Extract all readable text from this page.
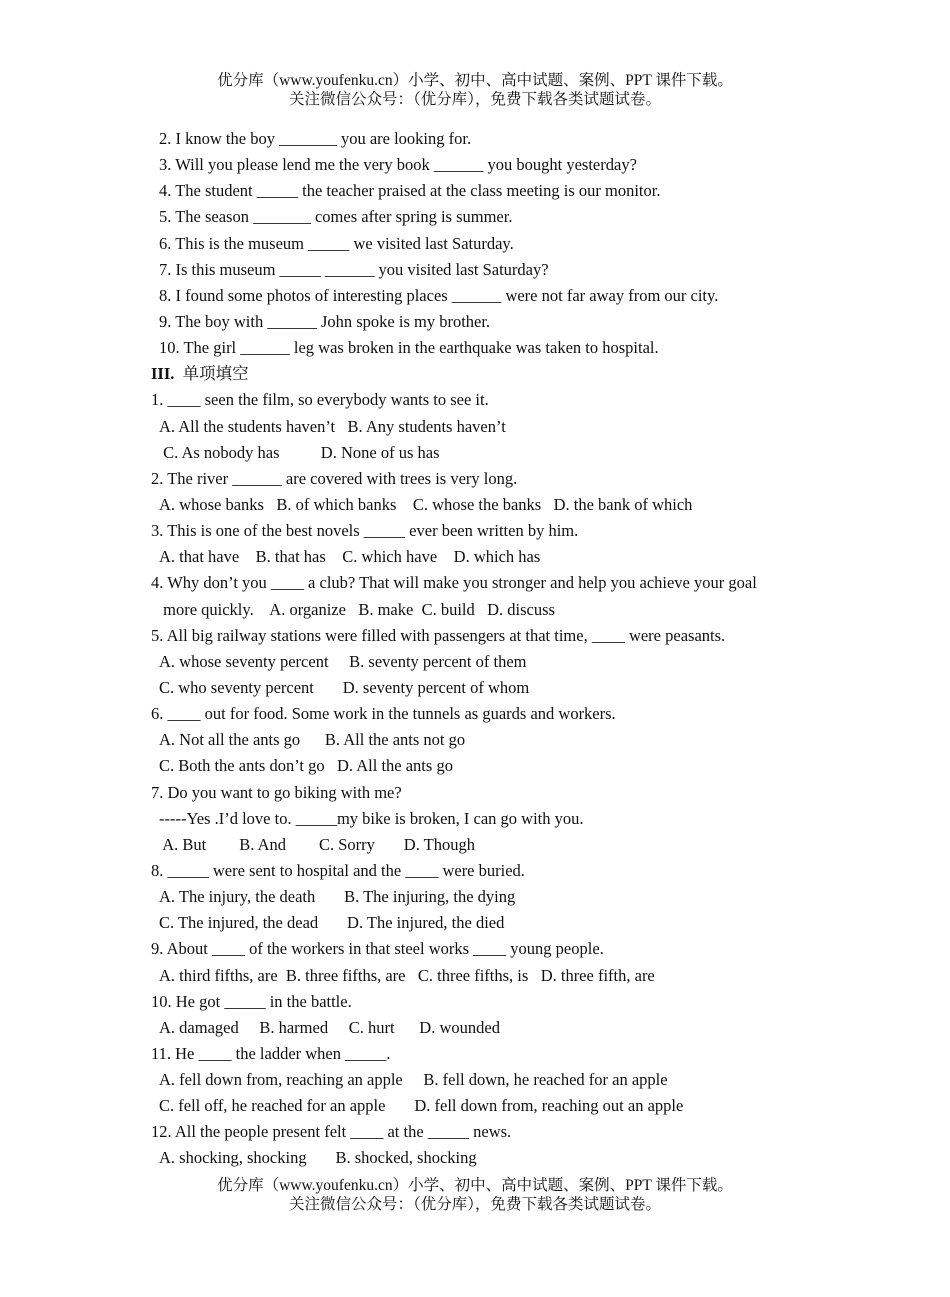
优分库（www.youfenku.cn）小学、初中、高中试题、案例、PPT 课件下载。
关注微信公众号：（优分库），免费下载各类试题试卷。
2. I know the boy _______ you are looking for.
3. Will you please lend me the very book ______ you bought yesterday?
4. The student _____ the teacher praised at the class meeting is our monitor.
5. The season _______ comes after spring is summer.
6. This is the museum _____ we visited last Saturday.
7. Is this museum _____ ______ you visited last Saturday?
8. I found some photos of interesting places ______ were not far away from our city.
9. The boy with ______ John spoke is my brother.
10. The girl ______ leg was broken in the earthquake was taken to hospital.
III. 单项填空
1. ____ seen the film, so everybody wants to see it.
A. All the students haven’t   B. Any students haven’t
C. As nobody has          D. None of us has
2. The river ______ are covered with trees is very long.
A. whose banks   B. of which banks    C. whose the banks   D. the bank of which
3. This is one of the best novels _____ ever been written by him.
A. that have    B. that has    C. which have    D. which has
4. Why don’t you ____ a club? That will make you stronger and help you achieve your goal
more quickly.    A. organize   B. make  C. build   D. discuss
5. All big railway stations were filled with passengers at that time, ____ were peasants.
A. whose seventy percent     B. seventy percent of them
C. who seventy percent       D. seventy percent of whom
6. ____ out for food. Some work in the tunnels as guards and workers.
A. Not all the ants go      B. All the ants not go
C. Both the ants don’t go   D. All the ants go
7. Do you want to go biking with me?
-----Yes .I’d love to. _____my bike is broken, I can go with you.
A. But        B. And        C. Sorry       D. Though
8. _____ were sent to hospital and the ____ were buried.
A. The injury, the death       B. The injuring, the dying
C. The injured, the dead       D. The injured, the died
9. About ____ of the workers in that steel works ____ young people.
A. third fifths, are  B. three fifths, are   C. three fifths, is   D. three fifth, are
10. He got _____ in the battle.
A. damaged     B. harmed     C. hurt      D. wounded
11. He ____ the ladder when _____.
A. fell down from, reaching an apple     B. fell down, he reached for an apple
C. fell off, he reached for an apple       D. fell down from, reaching out an apple
12. All the people present felt ____ at the _____ news.
A. shocking, shocking       B. shocked, shocking
优分库（www.youfenku.cn）小学、初中、高中试题、案例、PPT 课件下载。
关注微信公众号：（优分库），免费下载各类试题试卷。
